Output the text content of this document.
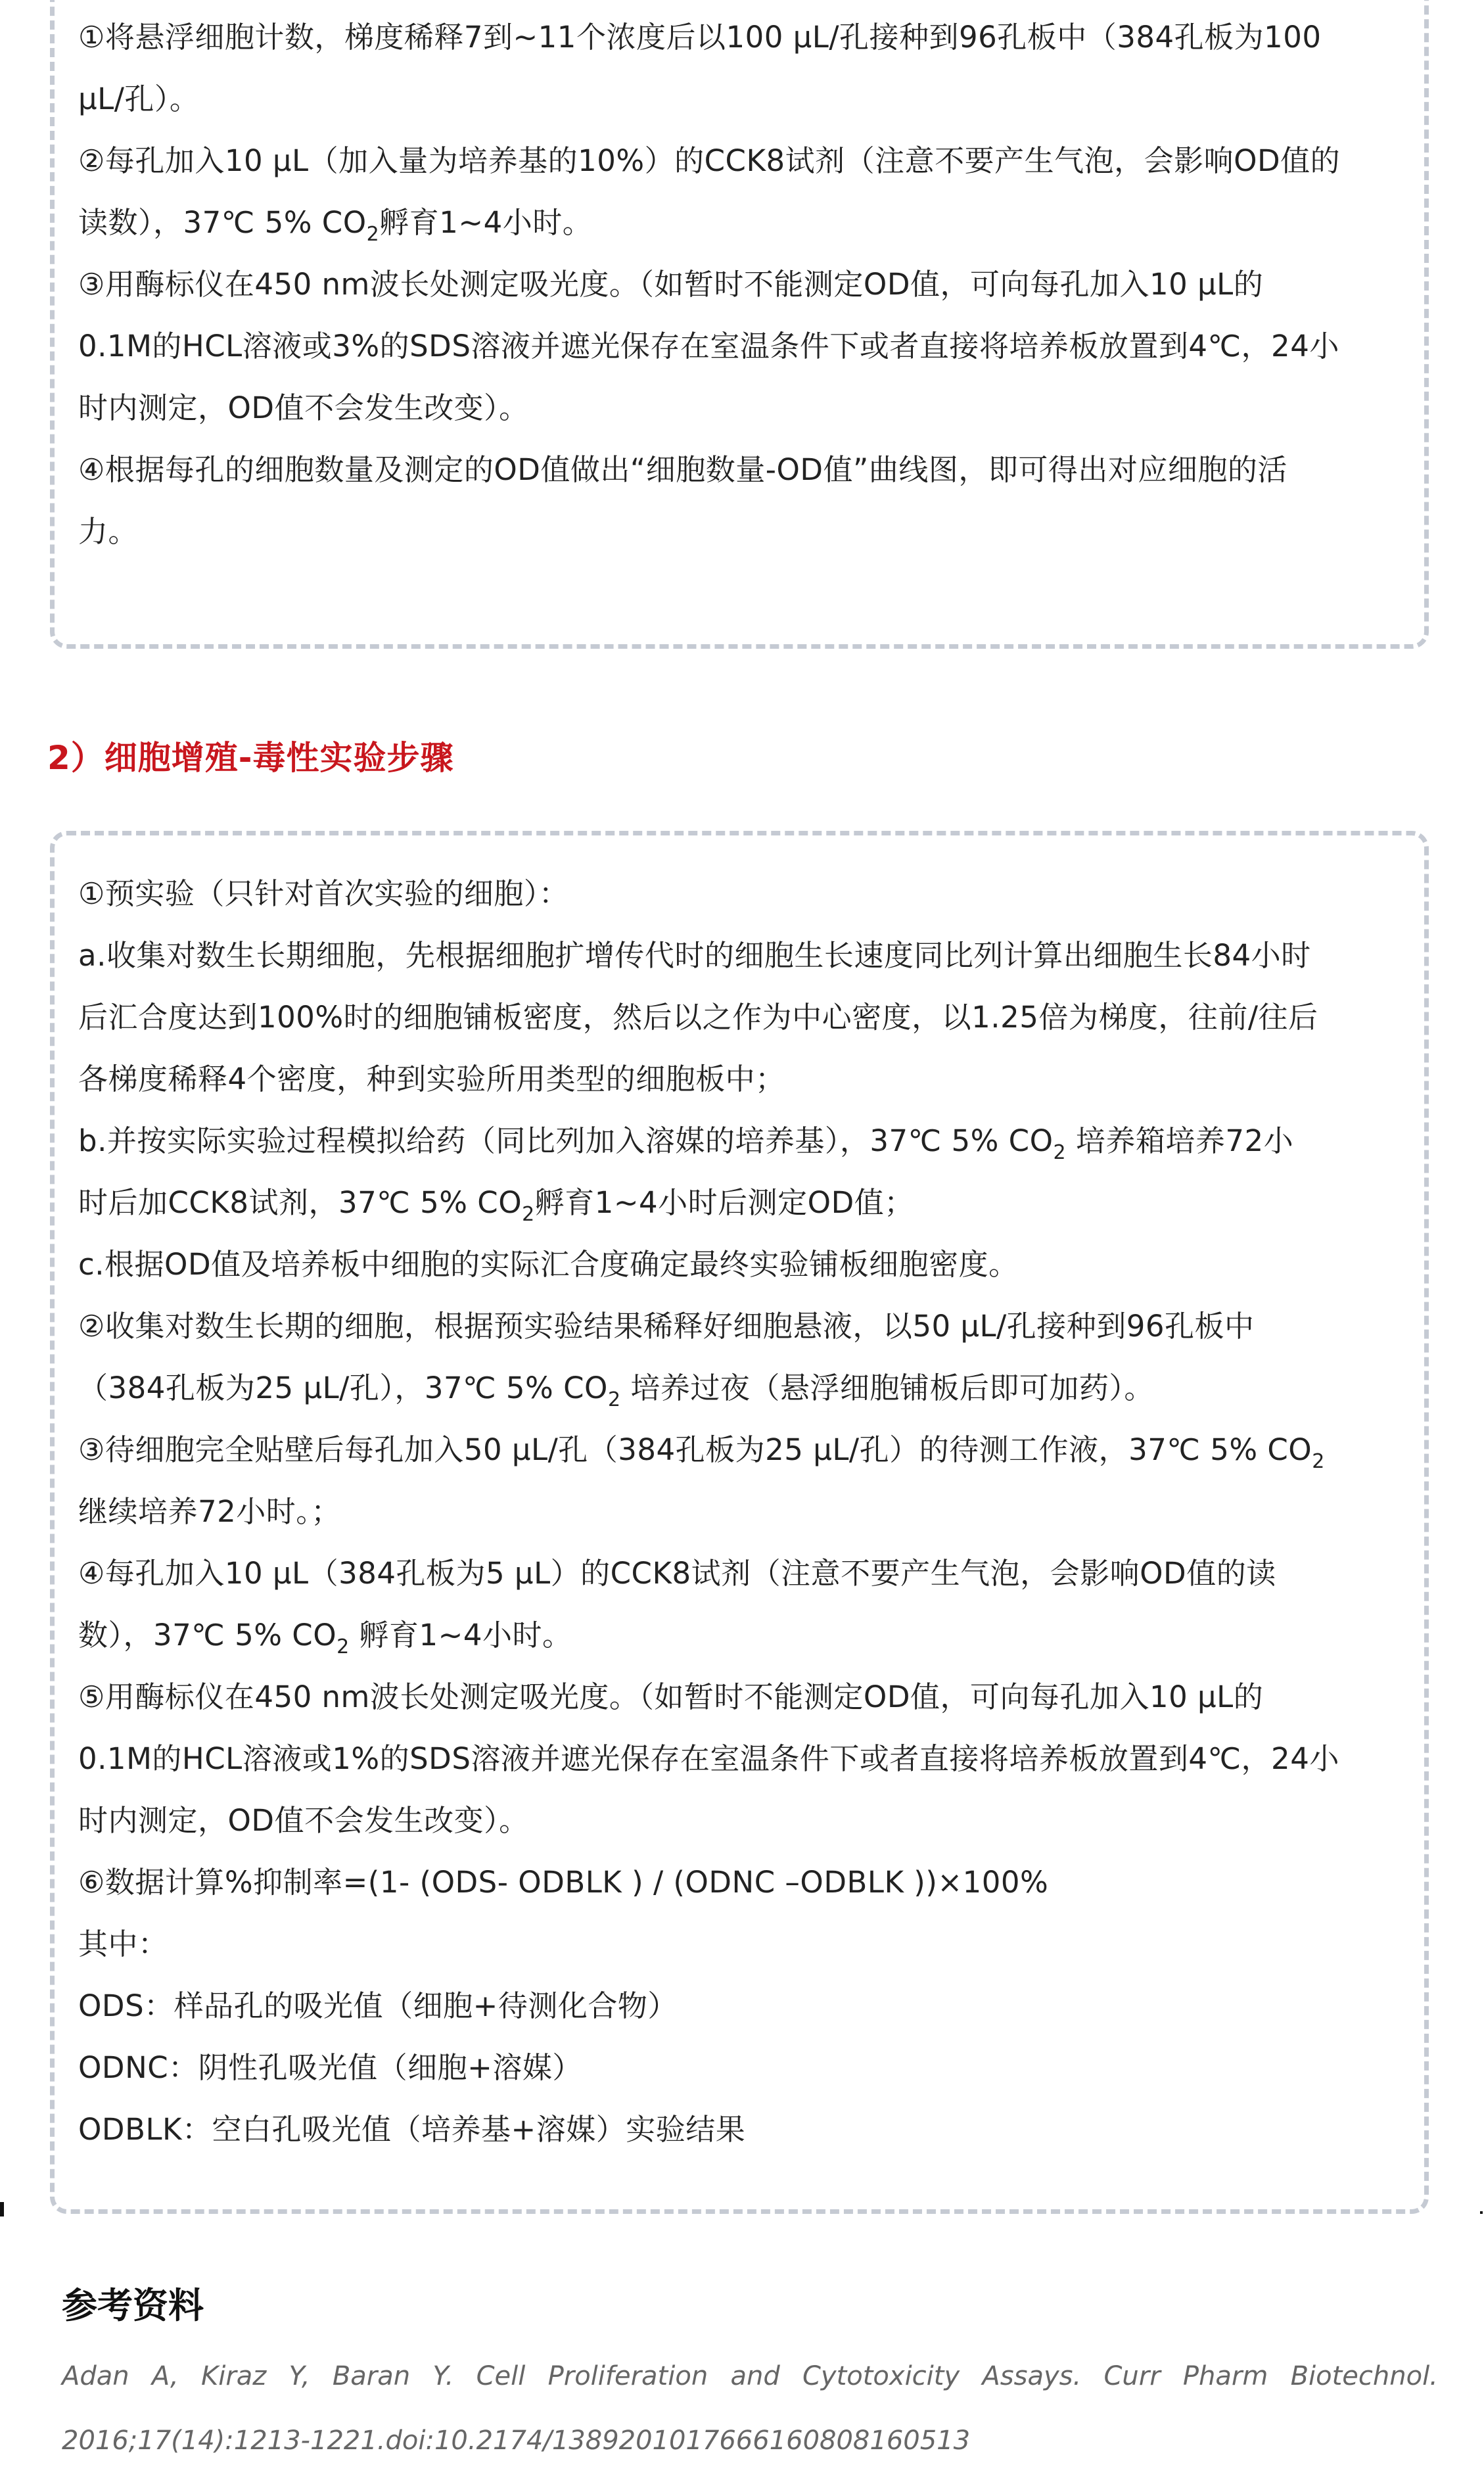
①将悬浮细胞计数，梯度稀释7到~11个浓度后以100 μL/孔接种到96孔板中（384孔板为100
μL/孔）。
②每孔加入10 μL（加入量为培养基的10%）的CCK8试剂（注意不要产生气泡，会影响OD值的
读数），37℃ 5% $CO_2$孵育1~4小时。
③用酶标仪在450 nm波长处测定吸光度。（如暂时不能测定OD值，可向每孔加入10 μL的
0.1M的HCL溶液或3%的SDS溶液并遮光保存在室温条件下或者直接将培养板放置到4℃，24小
时内测定，OD值不会发生改变）。
④根据每孔的细胞数量及测定的OD值做出“细胞数量-OD值”曲线图，即可得出对应细胞的活
力。
2）细胞增殖-毒性实验步骤
①预实验（只针对首次实验的细胞）：
a.收集对数生长期细胞，先根据细胞扩增传代时的细胞生长速度同比列计算出细胞生长84小时
后汇合度达到100%时的细胞铺板密度，然后以之作为中心密度，以1.25倍为梯度，往前/往后
各梯度稀释4个密度，种到实验所用类型的细胞板中；
b.并按实际实验过程模拟给药（同比列加入溶媒的培养基），37℃ 5% $CO_2$ 培养箱培养72小
时后加CCK8试剂，37℃ 5% $CO_2$孵育1~4小时后测定OD值；
c.根据OD值及培养板中细胞的实际汇合度确定最终实验铺板细胞密度。
②收集对数生长期的细胞，根据预实验结果稀释好细胞悬液，以50 μL/孔接种到96孔板中
（384孔板为25 μL/孔），37℃ 5% $CO_2$ 培养过夜（悬浮细胞铺板后即可加药）。
③待细胞完全贴壁后每孔加入50 μL/孔（384孔板为25 μL/孔）的待测工作液，37℃ 5% $CO_2$
继续培养72小时。；
④每孔加入10 μL（384孔板为5 μL）的CCK8试剂（注意不要产生气泡，会影响OD值的读
数），37℃ 5% $CO_2$ 孵育1~4小时。
⑤用酶标仪在450 nm波长处测定吸光度。（如暂时不能测定OD值，可向每孔加入10 μL的
0.1M的HCL溶液或1%的SDS溶液并遮光保存在室温条件下或者直接将培养板放置到4℃，24小
时内测定，OD值不会发生改变）。
⑥数据计算%抑制率=(1- (ODS- ODBLK ) / (ODNC –ODBLK ))×100%
其中：
ODS：样品孔的吸光值（细胞+待测化合物）
ODNC：阴性孔吸光值（细胞+溶媒）
ODBLK：空白孔吸光值（培养基+溶媒）实验结果
参考资料
Adan A, Kiraz Y, Baran Y. Cell Proliferation and Cytotoxicity Assays. Curr Pharm Biotechnol.
2016;17(14):1213-1221.doi:10.2174/1389201017666160808160513
